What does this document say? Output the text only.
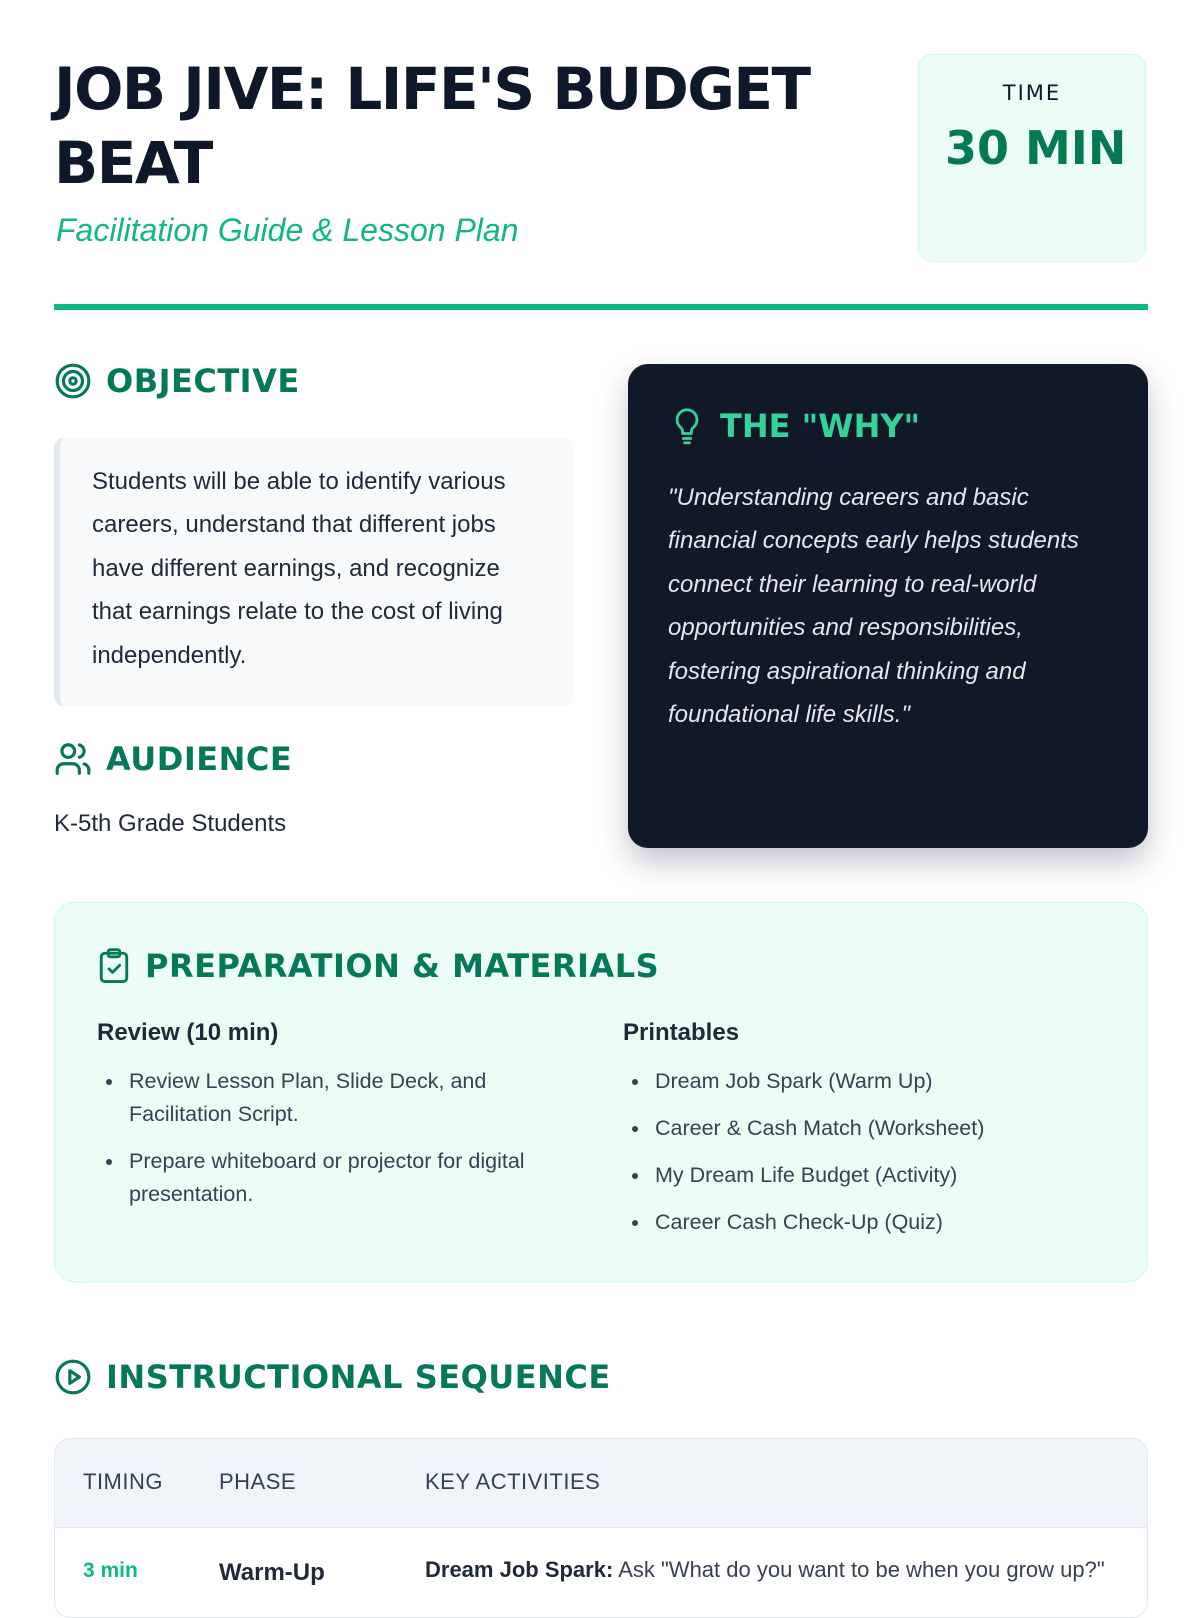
JOB JIVE: LIFE'S BUDGET BEAT

Facilitation Guide & Lesson Plan

TIME
30 MIN
OBJECTIVE
Students will be able to identify various careers, understand that different jobs have different earnings, and recognize that earnings relate to the cost of living independently.
AUDIENCE

K-5th Grade Students

THE "WHY"

"Understanding careers and basic financial concepts early helps students connect their learning to real-world opportunities and responsibilities, fostering aspirational thinking and foundational life skills."

PREPARATION & MATERIALS
Review (10 min)
Review Lesson Plan, Slide Deck, and Facilitation Script.
Prepare whiteboard or projector for digital presentation.
Printables
Dream Job Spark (Warm Up)
Career & Cash Match (Worksheet)
My Dream Life Budget (Activity)
Career Cash Check-Up (Quiz)
INSTRUCTIONAL SEQUENCE
TIMING	PHASE	KEY ACTIVITIES
3 min	Warm-Up	Dream Job Spark: Ask "What do you want to be when you grow up?"
